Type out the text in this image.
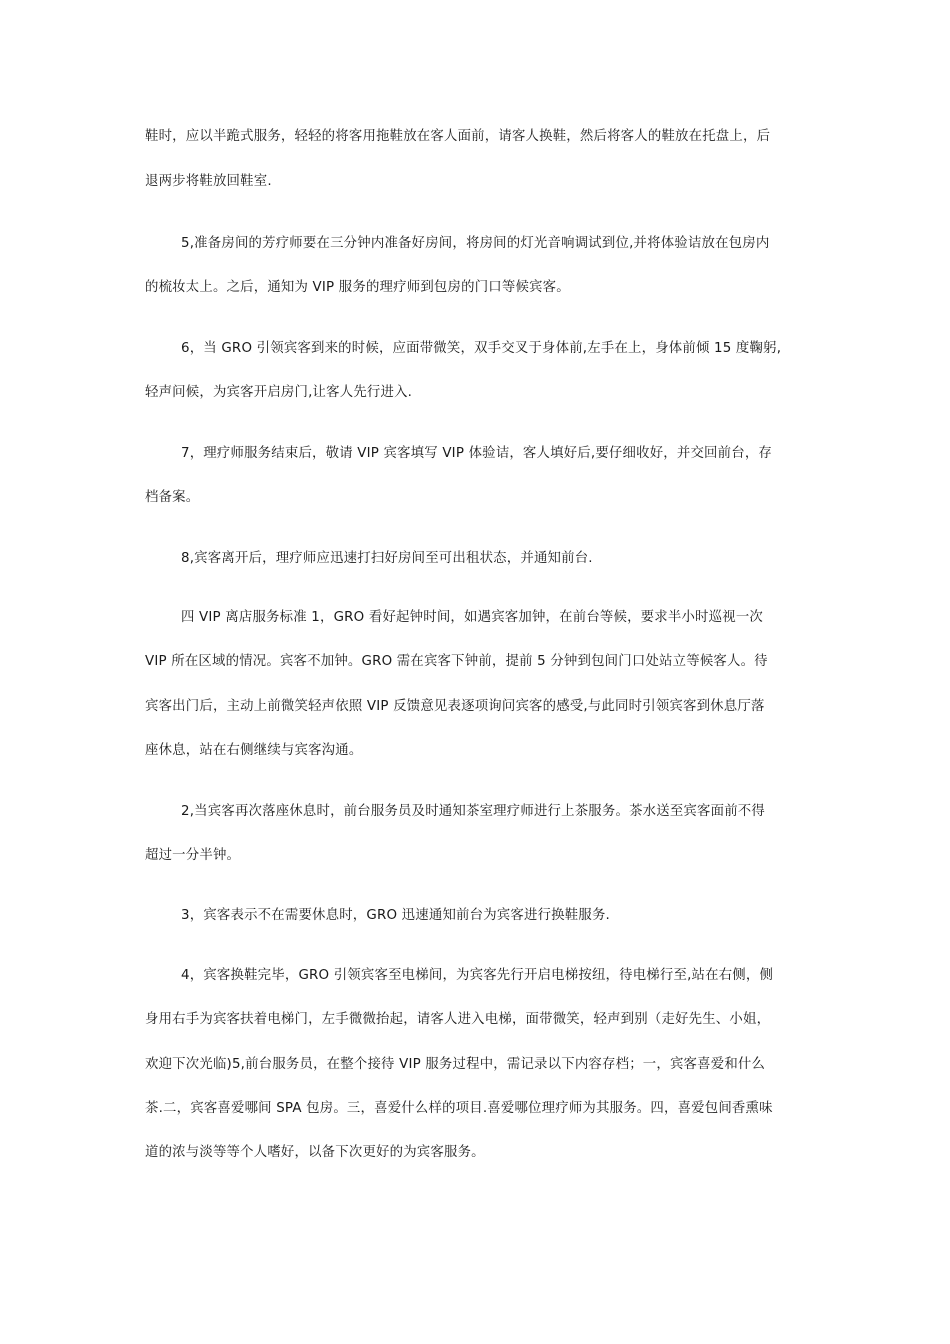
鞋时，应以半跪式服务，轻轻的将客用拖鞋放在客人面前，请客人换鞋，然后将客人的鞋放在托盘上，后
退两步将鞋放回鞋室.
5,准备房间的芳疗师要在三分钟内准备好房间，将房间的灯光音响调试到位,并将体验诘放在包房内
的梳妆太上。之后，通知为 VIP 服务的理疗师到包房的门口等候宾客。
6，当 GRO 引领宾客到来的时候，应面带微笑，双手交叉于身体前,左手在上，身体前倾 15 度鞠躬,
轻声问候，为宾客开启房门,让客人先行进入.
7，理疗师服务结束后，敬请 VIP 宾客填写 VIP 体验诘，客人填好后,要仔细收好，并交回前台，存
档备案。
8,宾客离开后，理疗师应迅速打扫好房间至可出租状态，并通知前台.
四 VIP 离店服务标准 1，GRO 看好起钟时间，如遇宾客加钟，在前台等候，要求半小时巡视一次
VIP 所在区域的情况。宾客不加钟。GRO 需在宾客下钟前，提前 5 分钟到包间门口处站立等候客人。待
宾客出门后，主动上前微笑轻声依照 VIP 反馈意见表逐项询问宾客的感受,与此同时引领宾客到休息厅落
座休息，站在右侧继续与宾客沟通。
2,当宾客再次落座休息时，前台服务员及时通知茶室理疗师进行上茶服务。茶水送至宾客面前不得
超过一分半钟。
3，宾客表示不在需要休息时，GRO 迅速通知前台为宾客进行换鞋服务.
4，宾客换鞋完毕，GRO 引领宾客至电梯间，为宾客先行开启电梯按纽，待电梯行至,站在右侧，侧
身用右手为宾客扶着电梯门，左手微微抬起，请客人进入电梯，面带微笑，轻声到别（走好先生、小姐，
欢迎下次光临)5,前台服务员，在整个接待 VIP 服务过程中，需记录以下内容存档；一，宾客喜爱和什么
茶.二，宾客喜爱哪间 SPA 包房。三，喜爱什么样的项目.喜爱哪位理疗师为其服务。四，喜爱包间香熏味
道的浓与淡等等个人嗜好，以备下次更好的为宾客服务。
